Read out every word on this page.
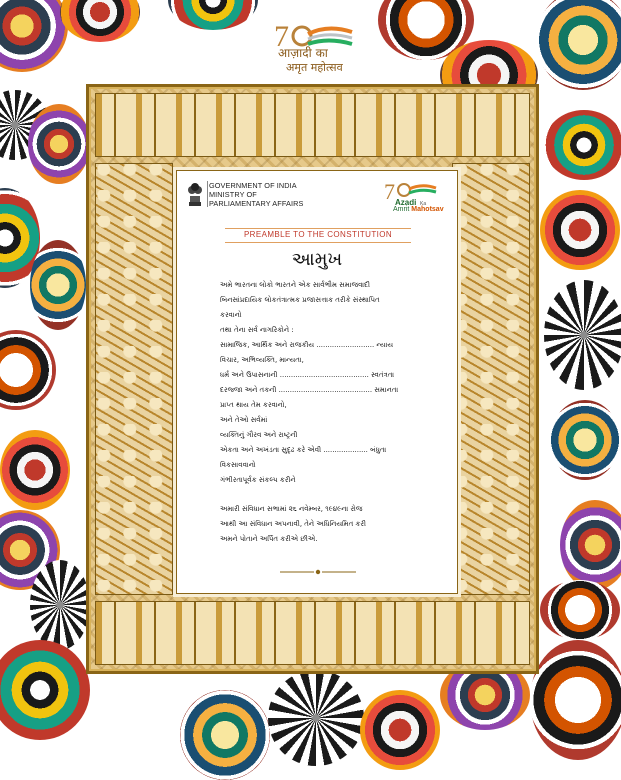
7
आज़ादी का
अमृत महोत्सव
GOVERNMENT OF INDIA
MINISTRY OF
PARLIAMENTARY AFFAIRS	7 Azadi Ka
Amrit Mahotsav
PREAMBLE TO THE CONSTITUTION
આમુખ
અમે ભારતના લોકો ભારતને એક સાર્વભૌમ સમાજવાદી
બિનસાંપ્રદાયિક લોકતંત્રાત્મક પ્રજાસત્તાક તરીકે સંસ્થાપિત
કરવાનો
તથા તેના સર્વ નાગરિકોને :
સામાજિક, આર્થિક અને રાજકીય .......................... ન્યાય
વિચાર, અભિવ્યક્તિ, માન્યતા,
ધર્મ અને ઉપાસનાની ........................................ સ્વતંત્રતા
દરજ્જા અને તકની .......................................... સમાનતા
પ્રાપ્ત થાય તેમ કરવાનો,
અને તેઓ સર્વમાં
વ્યક્તિનું ગૌરવ અને રાષ્ટ્રની
એકતા અને અખંડતા સુદૃઢ કરે એવી .................... બંધુતા
વિકસાવવાનો
ગંભીરતાપૂર્વક સંકલ્પ કરીને
અમારી સંવિધાન સભામાં ૨૬ નવેમ્બર, ૧૯૪૯ના રોજ
આથી આ સંવિધાન અપનાવી, તેને અધિનિયમિત કરી
અમને પોતાને અર્પિત કરીએ છીએ.
